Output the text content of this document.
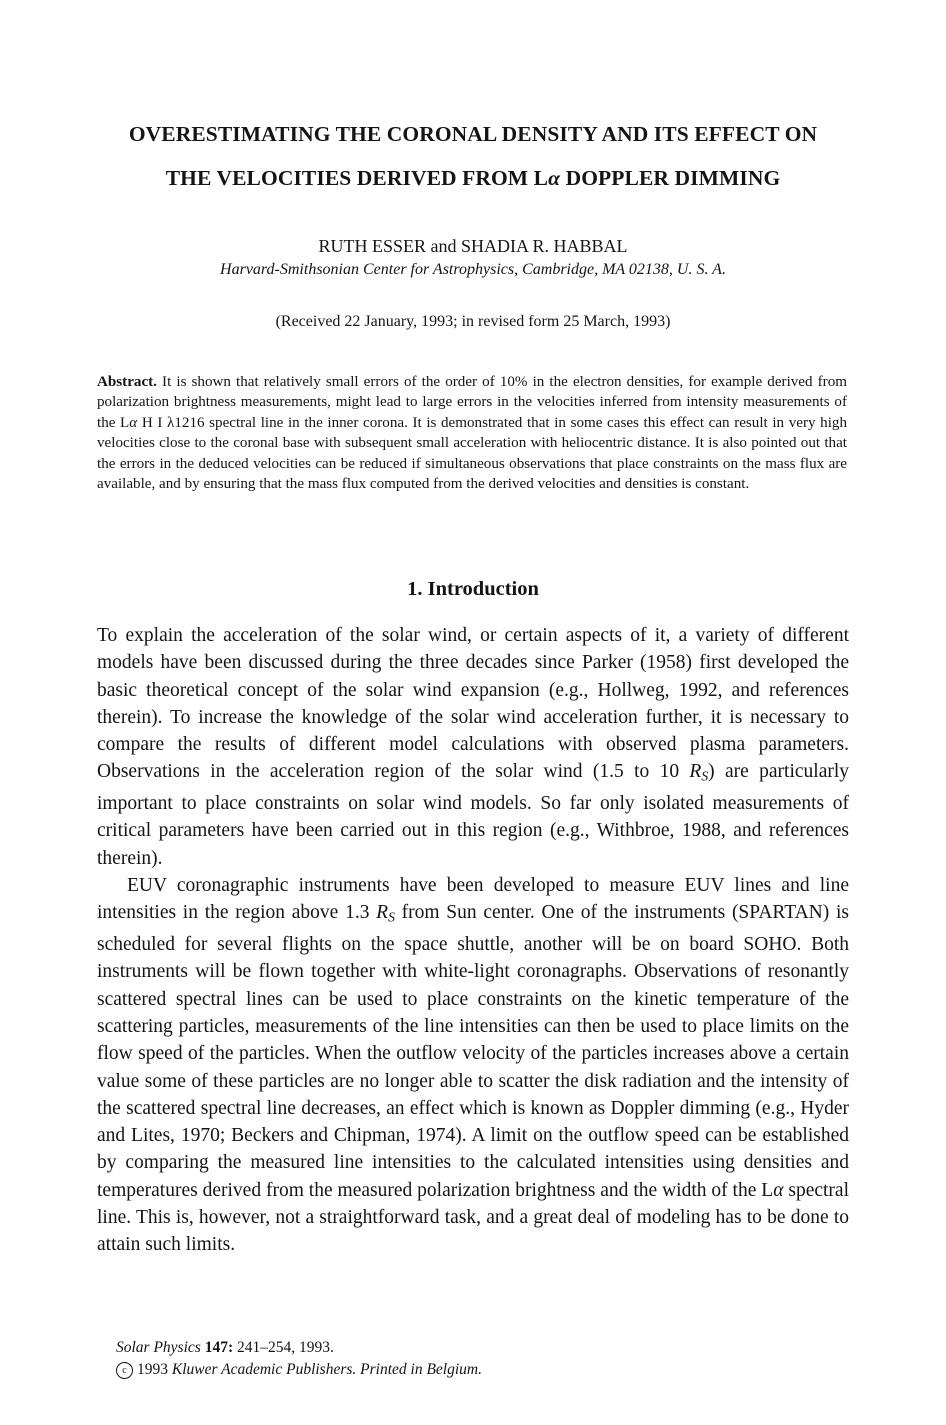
OVERESTIMATING THE CORONAL DENSITY AND ITS EFFECT ON
THE VELOCITIES DERIVED FROM Lα DOPPLER DIMMING
RUTH ESSER and SHADIA R. HABBAL
Harvard-Smithsonian Center for Astrophysics, Cambridge, MA 02138, U. S. A.
(Received 22 January, 1993; in revised form 25 March, 1993)
Abstract. It is shown that relatively small errors of the order of 10% in the electron densities, for example derived from polarization brightness measurements, might lead to large errors in the velocities inferred from intensity measurements of the Lα H I λ1216 spectral line in the inner corona. It is demonstrated that in some cases this effect can result in very high velocities close to the coronal base with subsequent small acceleration with heliocentric distance. It is also pointed out that the errors in the deduced velocities can be reduced if simultaneous observations that place constraints on the mass flux are available, and by ensuring that the mass flux computed from the derived velocities and densities is constant.
1. Introduction

To explain the acceleration of the solar wind, or certain aspects of it, a variety of different models have been discussed during the three decades since Parker (1958) first developed the basic theoretical concept of the solar wind expansion (e.g., Hollweg, 1992, and references therein). To increase the knowledge of the solar wind acceleration further, it is necessary to compare the results of different model calculations with observed plasma parameters. Observations in the acceleration region of the solar wind (1.5 to 10 $R_S$) are particularly important to place constraints on solar wind models. So far only isolated measurements of critical parameters have been carried out in this region (e.g., Withbroe, 1988, and references therein).

EUV coronagraphic instruments have been developed to measure EUV lines and line intensities in the region above 1.3 $R_S$ from Sun center. One of the instruments (SPARTAN) is scheduled for several flights on the space shuttle, another will be on board SOHO. Both instruments will be flown together with white-light coronagraphs. Observations of resonantly scattered spectral lines can be used to place constraints on the kinetic temperature of the scattering particles, measurements of the line intensities can then be used to place limits on the flow speed of the particles. When the outflow velocity of the particles increases above a certain value some of these particles are no longer able to scatter the disk radiation and the intensity of the scattered spectral line decreases, an effect which is known as Doppler dimming (e.g., Hyder and Lites, 1970; Beckers and Chipman, 1974). A limit on the outflow speed can be established by comparing the measured line intensities to the calculated intensities using densities and temperatures derived from the measured polarization brightness and the width of the Lα spectral line. This is, however, not a straightforward task, and a great deal of modeling has to be done to attain such limits.

Solar Physics 147: 241–254, 1993.
c 1993 Kluwer Academic Publishers. Printed in Belgium.
